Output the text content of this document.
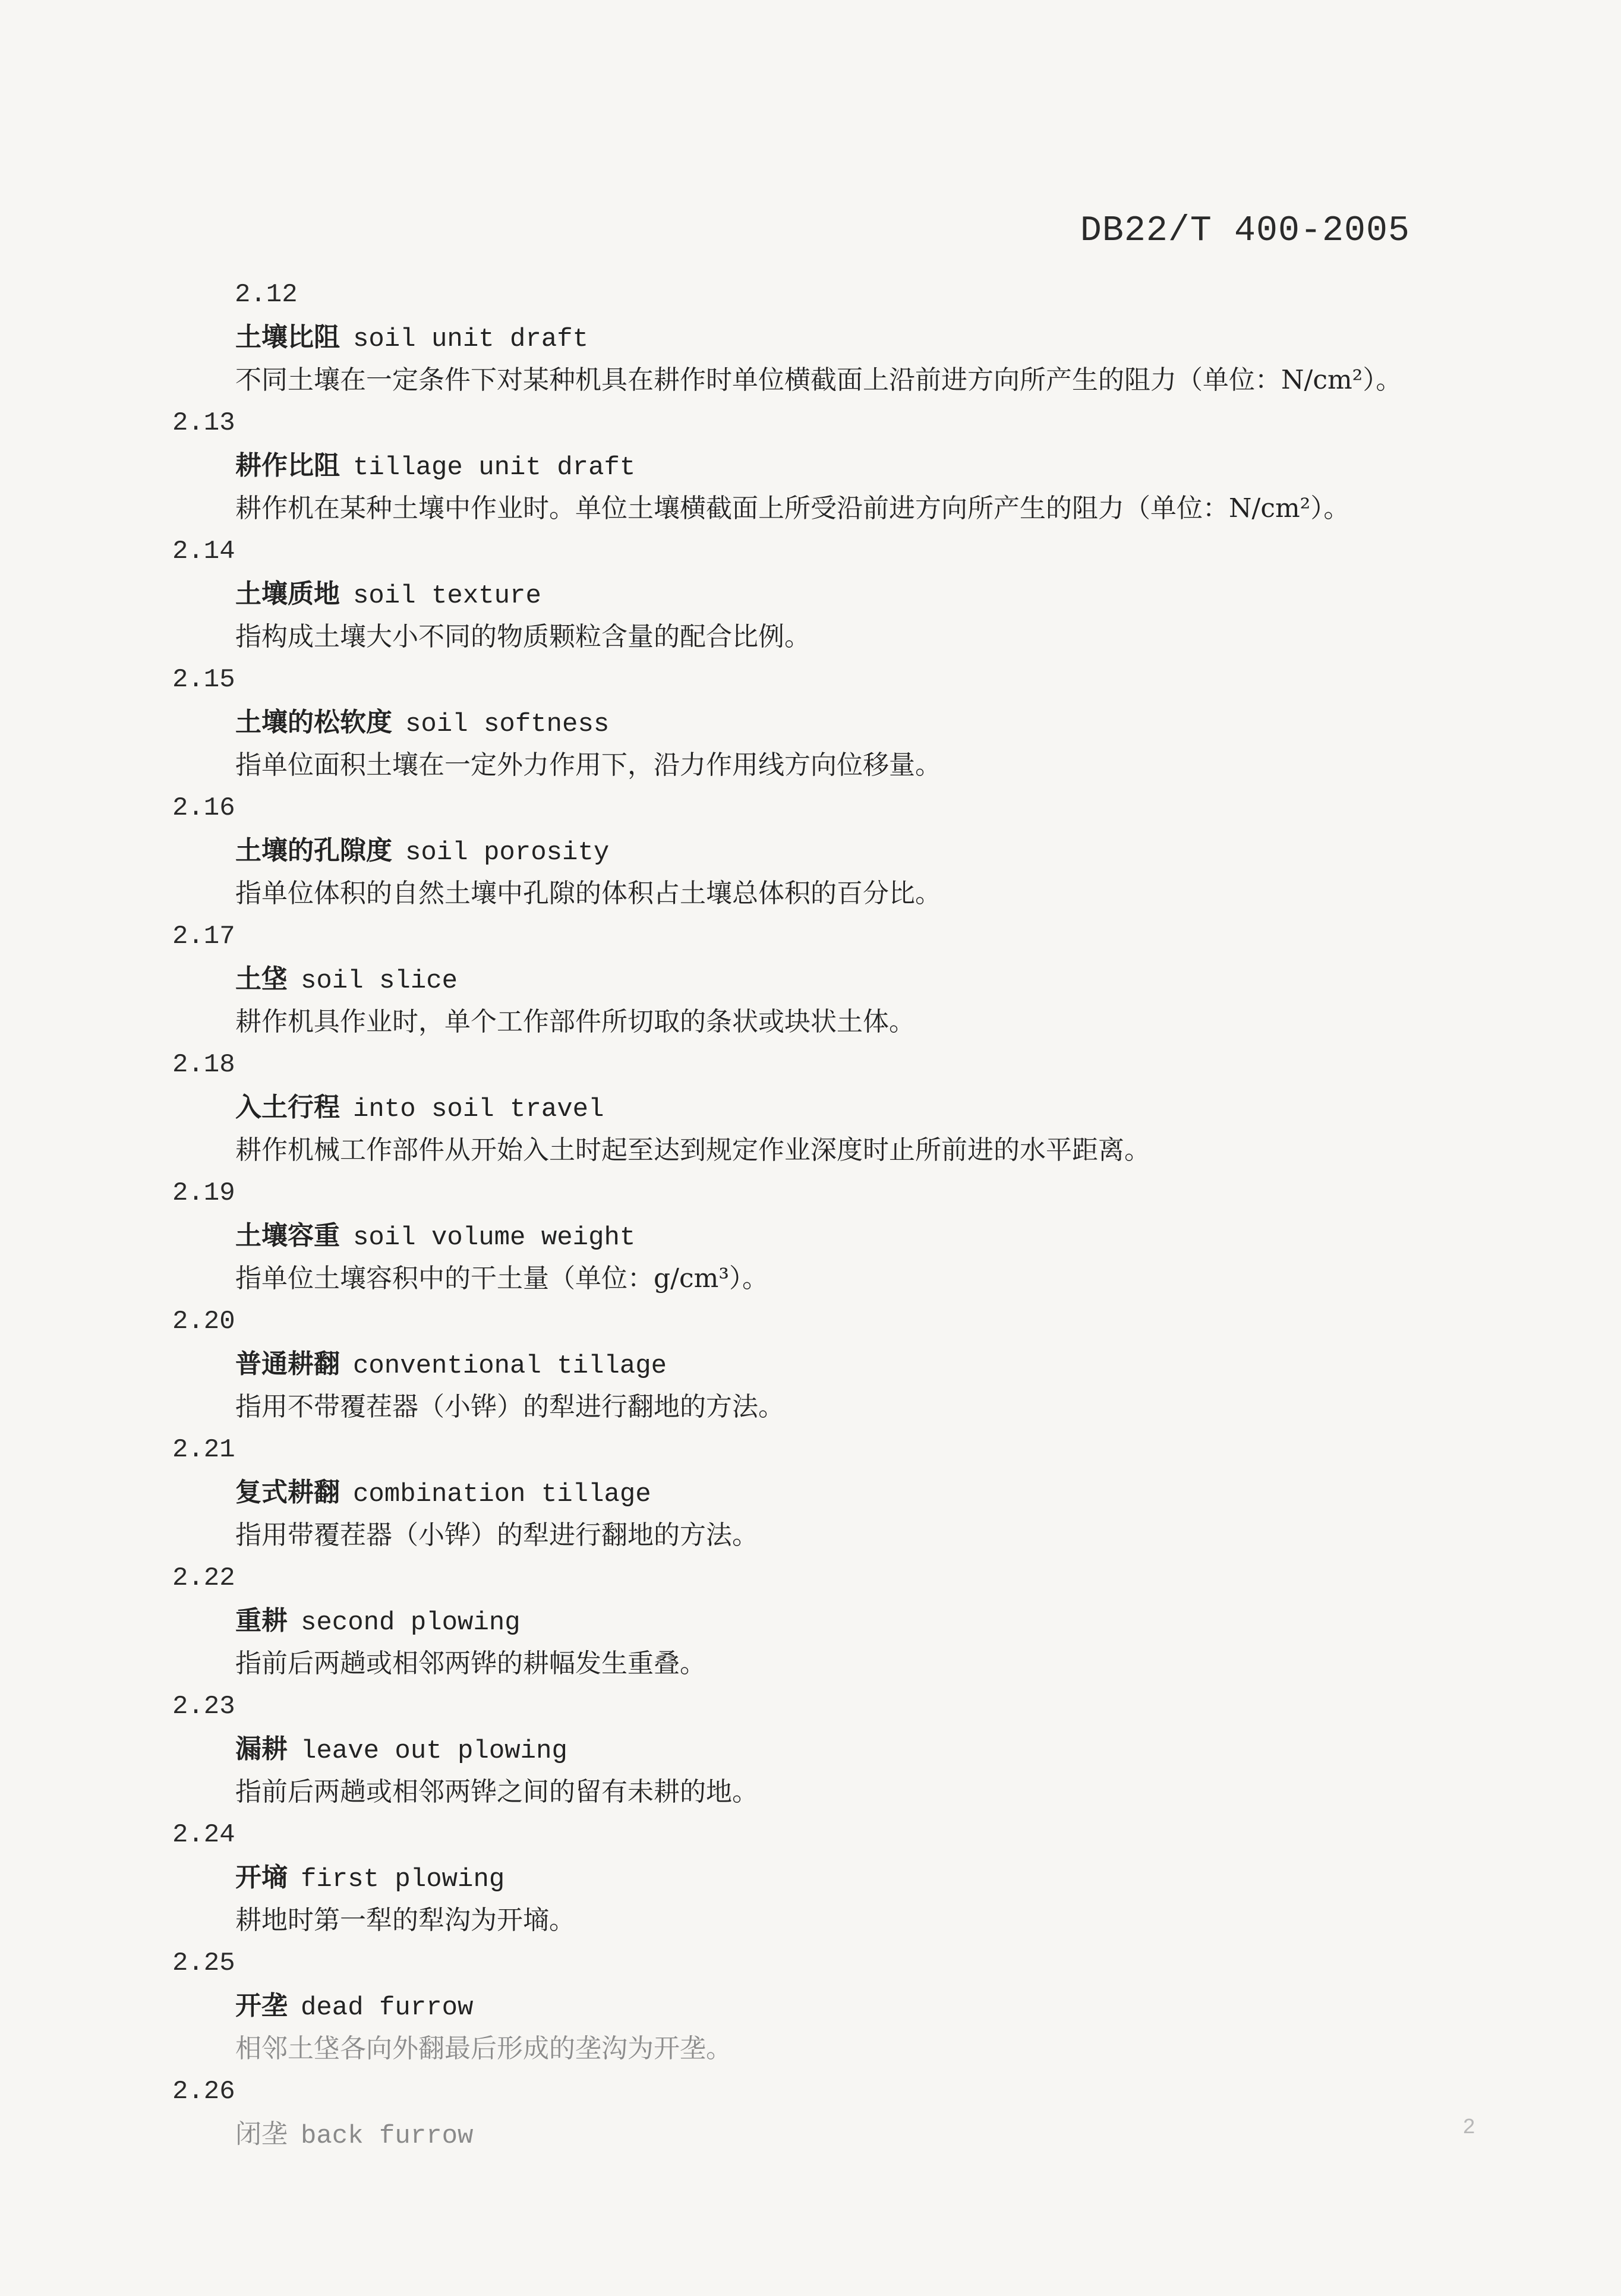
DB22/T 400-2005
2.12
土壤比阻 soil unit draft
不同土壤在一定条件下对某种机具在耕作时单位横截面上沿前进方向所产生的阻力（单位：N/cm²）。
2.13
耕作比阻 tillage unit draft
耕作机在某种土壤中作业时。单位土壤横截面上所受沿前进方向所产生的阻力（单位：N/cm²）。
2.14
土壤质地 soil texture
指构成土壤大小不同的物质颗粒含量的配合比例。
2.15
土壤的松软度 soil softness
指单位面积土壤在一定外力作用下，沿力作用线方向位移量。
2.16
土壤的孔隙度 soil porosity
指单位体积的自然土壤中孔隙的体积占土壤总体积的百分比。
2.17
土垡 soil slice
耕作机具作业时，单个工作部件所切取的条状或块状土体。
2.18
入土行程 into soil travel
耕作机械工作部件从开始入土时起至达到规定作业深度时止所前进的水平距离。
2.19
土壤容重 soil volume weight
指单位土壤容积中的干土量（单位：g/cm³）。
2.20
普通耕翻 conventional tillage
指用不带覆茬器（小铧）的犁进行翻地的方法。
2.21
复式耕翻 combination tillage
指用带覆茬器（小铧）的犁进行翻地的方法。
2.22
重耕 second plowing
指前后两趟或相邻两铧的耕幅发生重叠。
2.23
漏耕 leave out plowing
指前后两趟或相邻两铧之间的留有未耕的地。
2.24
开墒 first plowing
耕地时第一犁的犁沟为开墒。
2.25
开垄 dead furrow
相邻土垡各向外翻最后形成的垄沟为开垄。
2.26
闭垄 back furrow	2
